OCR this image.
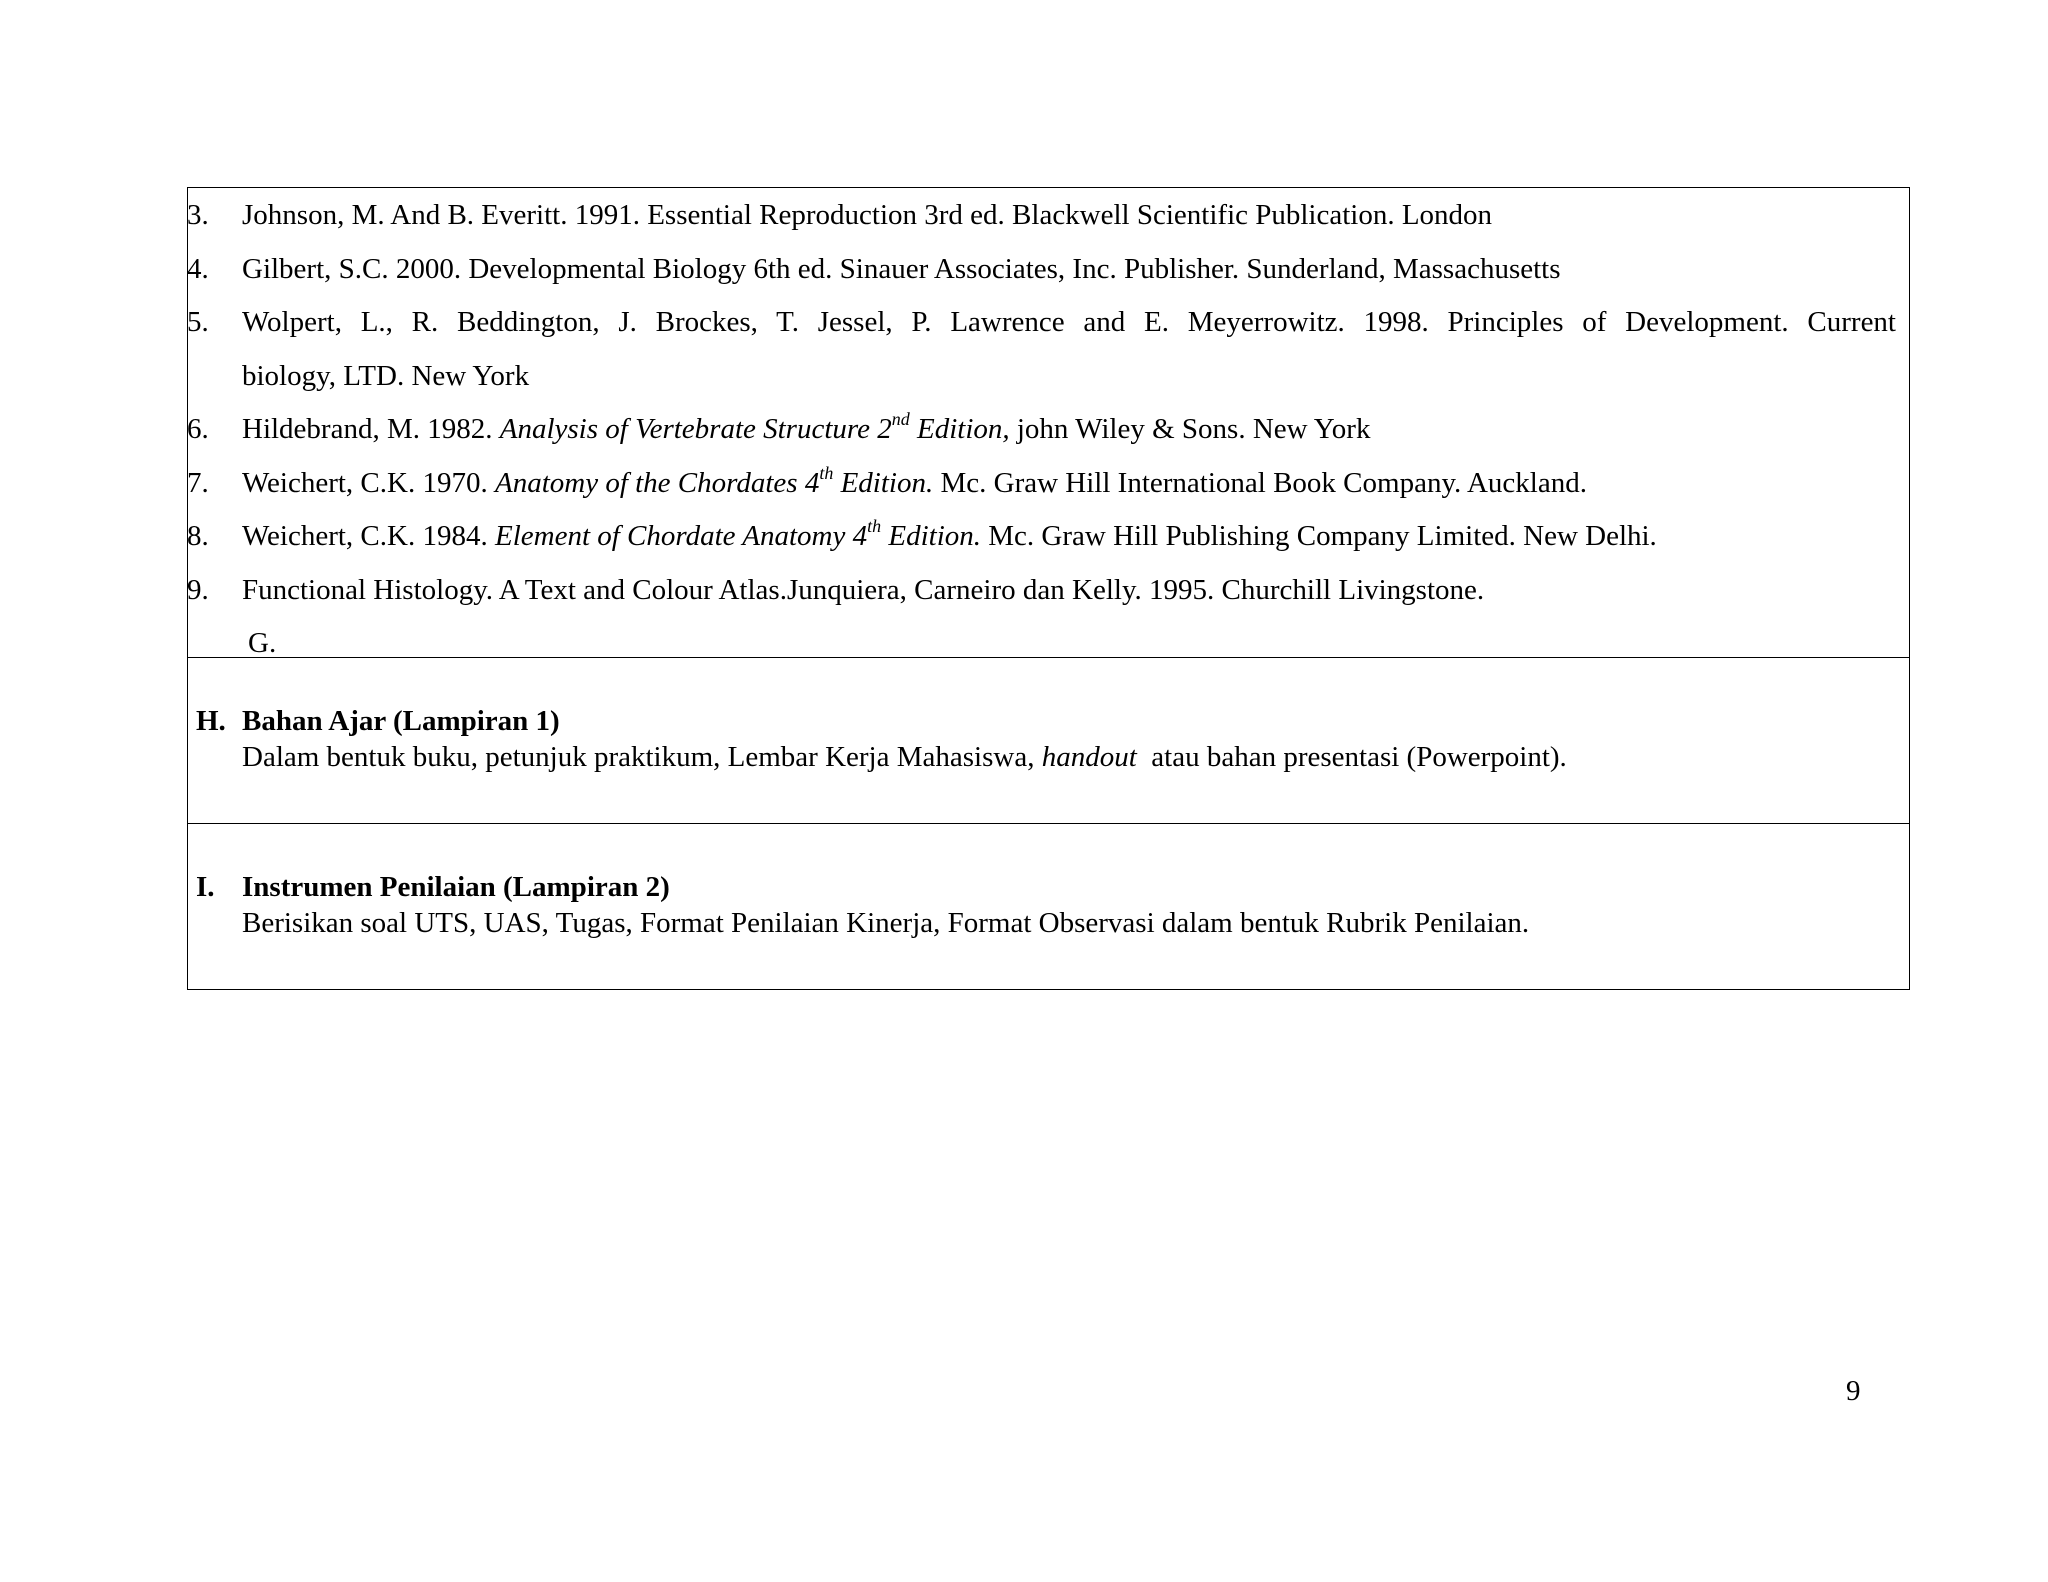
3. Johnson, M. And B. Everitt. 1991. Essential Reproduction 3rd ed. Blackwell Scientific Publication. London
4. Gilbert, S.C. 2000. Developmental Biology 6th ed. Sinauer Associates, Inc. Publisher. Sunderland, Massachusetts
5. Wolpert, L., R. Beddington, J. Brockes, T. Jessel, P. Lawrence and E. Meyerrowitz. 1998. Principles of Development. Current
biology, LTD. New York
6. Hildebrand, M. 1982. Analysis of Vertebrate Structure 2nd Edition, john Wiley & Sons. New York
7. Weichert, C.K. 1970. Anatomy of the Chordates 4th Edition. Mc. Graw Hill International Book Company. Auckland.
8. Weichert, C.K. 1984. Element of Chordate Anatomy 4th Edition. Mc. Graw Hill Publishing Company Limited. New Delhi.
9. Functional Histology. A Text and Colour Atlas.Junquiera, Carneiro dan Kelly. 1995. Churchill Livingstone.
G.
H. Bahan Ajar (Lampiran 1)
Dalam bentuk buku, petunjuk praktikum, Lembar Kerja Mahasiswa, handout  atau bahan presentasi (Powerpoint).
I. Instrumen Penilaian (Lampiran 2)
Berisikan soal UTS, UAS, Tugas, Format Penilaian Kinerja, Format Observasi dalam bentuk Rubrik Penilaian.
9
